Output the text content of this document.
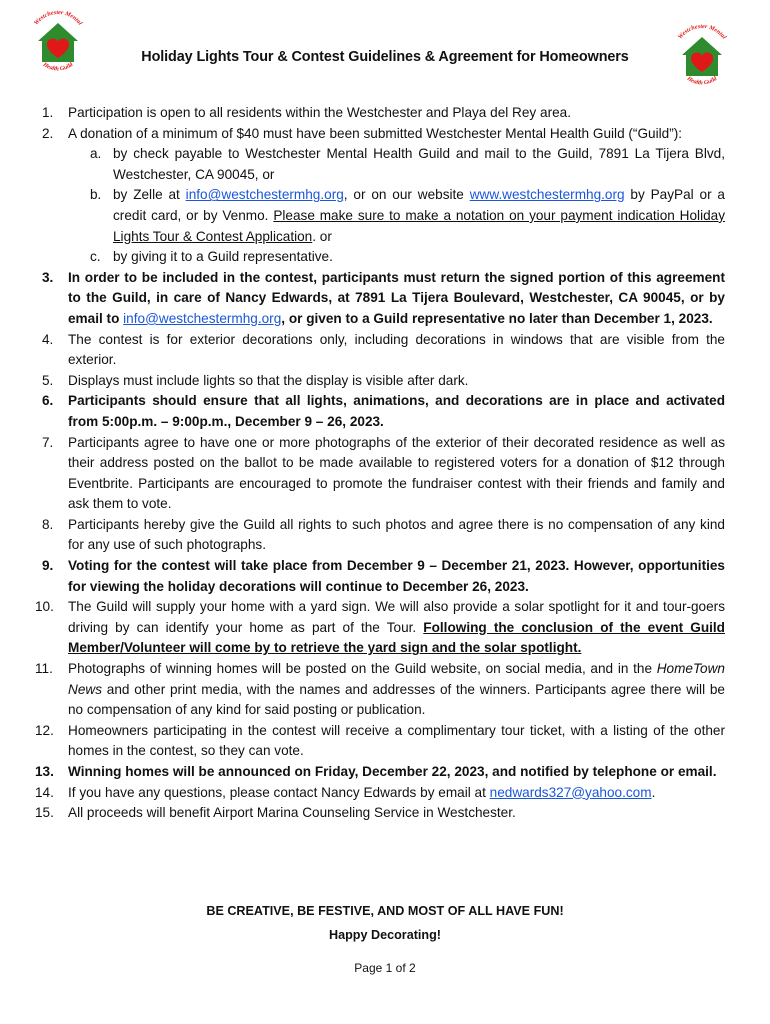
Westchester Mental
Health Guild
Westchester Mental
Health Guild
Holiday Lights Tour & Contest Guidelines & Agreement for Homeowners
1. Participation is open to all residents within the Westchester and Playa del Rey area.
2. A donation of a minimum of $40 must have been submitted Westchester Mental Health Guild (“Guild”):
a. by check payable to Westchester Mental Health Guild and mail to the Guild, 7891 La Tijera Blvd, Westchester, CA 90045, or
b. by Zelle at info@westchestermhg.org, or on our website www.westchestermhg.org by PayPal or a credit card, or by Venmo. Please make sure to make a notation on your payment indication Holiday Lights Tour & Contest Application. or
c. by giving it to a Guild representative.
3. In order to be included in the contest, participants must return the signed portion of this agreement to the Guild, in care of Nancy Edwards, at 7891 La Tijera Boulevard, Westchester, CA 90045, or by email to info@westchestermhg.org, or given to a Guild representative no later than December 1, 2023.
4. The contest is for exterior decorations only, including decorations in windows that are visible from the exterior.
5. Displays must include lights so that the display is visible after dark.
6. Participants should ensure that all lights, animations, and decorations are in place and activated from 5:00p.m. – 9:00p.m., December 9 – 26, 2023.
7. Participants agree to have one or more photographs of the exterior of their decorated residence as well as their address posted on the ballot to be made available to registered voters for a donation of $12 through Eventbrite. Participants are encouraged to promote the fundraiser contest with their friends and family and ask them to vote.
8. Participants hereby give the Guild all rights to such photos and agree there is no compensation of any kind for any use of such photographs.
9. Voting for the contest will take place from December 9 – December 21, 2023. However, opportunities for viewing the holiday decorations will continue to December 26, 2023.
10. The Guild will supply your home with a yard sign. We will also provide a solar spotlight for it and tour-goers driving by can identify your home as part of the Tour. Following the conclusion of the event Guild Member/Volunteer will come by to retrieve the yard sign and the solar spotlight.
11. Photographs of winning homes will be posted on the Guild website, on social media, and in the HomeTown News and other print media, with the names and addresses of the winners. Participants agree there will be no compensation of any kind for said posting or publication.
12. Homeowners participating in the contest will receive a complimentary tour ticket, with a listing of the other homes in the contest, so they can vote.
13. Winning homes will be announced on Friday, December 22, 2023, and notified by telephone or email.
14. If you have any questions, please contact Nancy Edwards by email at nedwards327@yahoo.com.
15. All proceeds will benefit Airport Marina Counseling Service in Westchester.
BE CREATIVE, BE FESTIVE, AND MOST OF ALL HAVE FUN!
Happy Decorating!
Page 1 of 2
